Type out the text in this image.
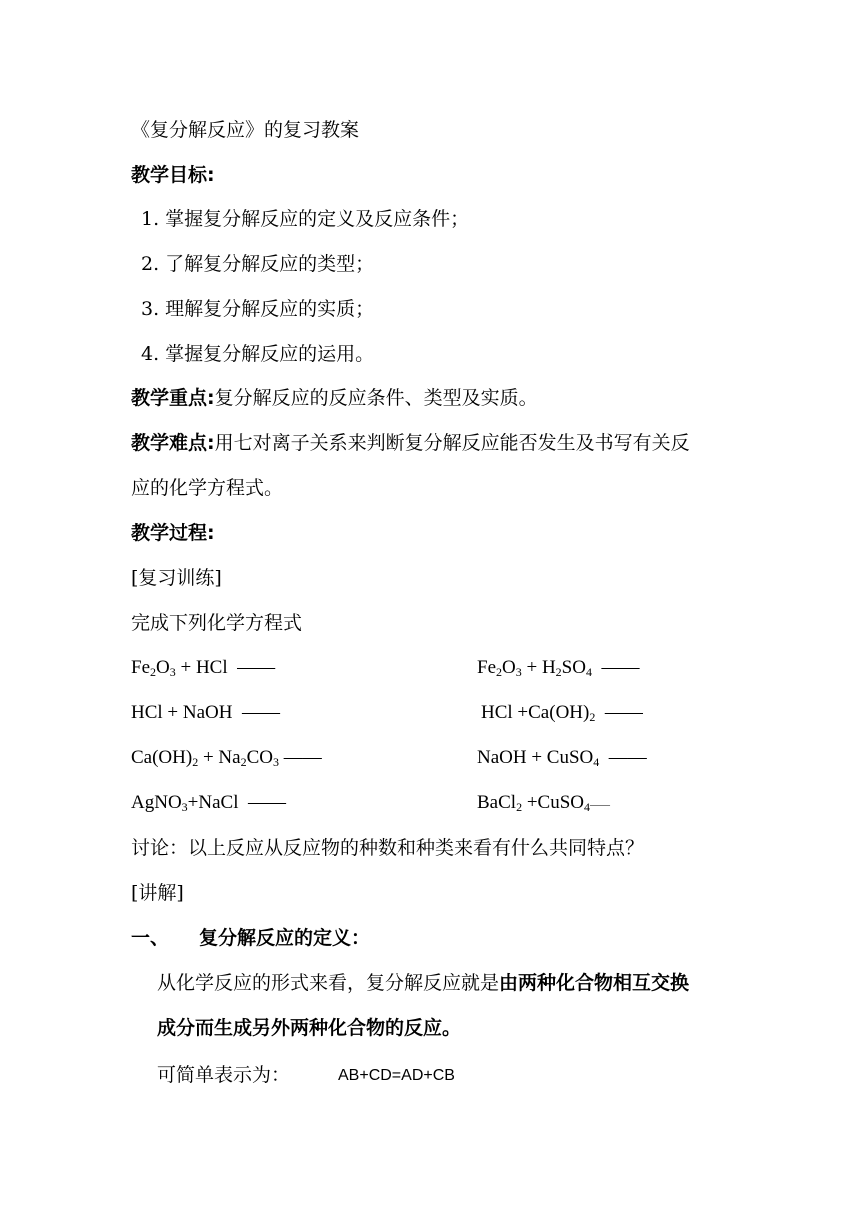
《复分解反应》的复习教案
教学目标:
1. 掌握复分解反应的定义及反应条件；
2. 了解复分解反应的类型；
3. 理解复分解反应的实质；
4. 掌握复分解反应的运用。
教学重点:复分解反应的反应条件、类型及实质。
教学难点:用七对离子关系来判断复分解反应能否发生及书写有关反
应的化学方程式。
教学过程:
[复习训练]
完成下列化学方程式
$Fe_2O_3$ + HCl  ——	$Fe_2O_3 + H_2SO_4$  ——
HCl + NaOH  ——	HCl $+Ca(OH)_2$  ——
$Ca(OH)_2 + Na_2CO_3$ ——	NaOH + CuSO$_4$  ——
AgNO$_3$+NaCl  ——	BaCl$_2$ +CuSO$_4$——
讨论：以上反应从反应物的种数和种类来看有什么共同特点？
[讲解]
一、 复分解反应的定义：
从化学反应的形式来看，复分解反应就是由两种化合物相互交换
成分而生成另外两种化合物的反应。
可简单表示为：	AB+CD=AD+CB
